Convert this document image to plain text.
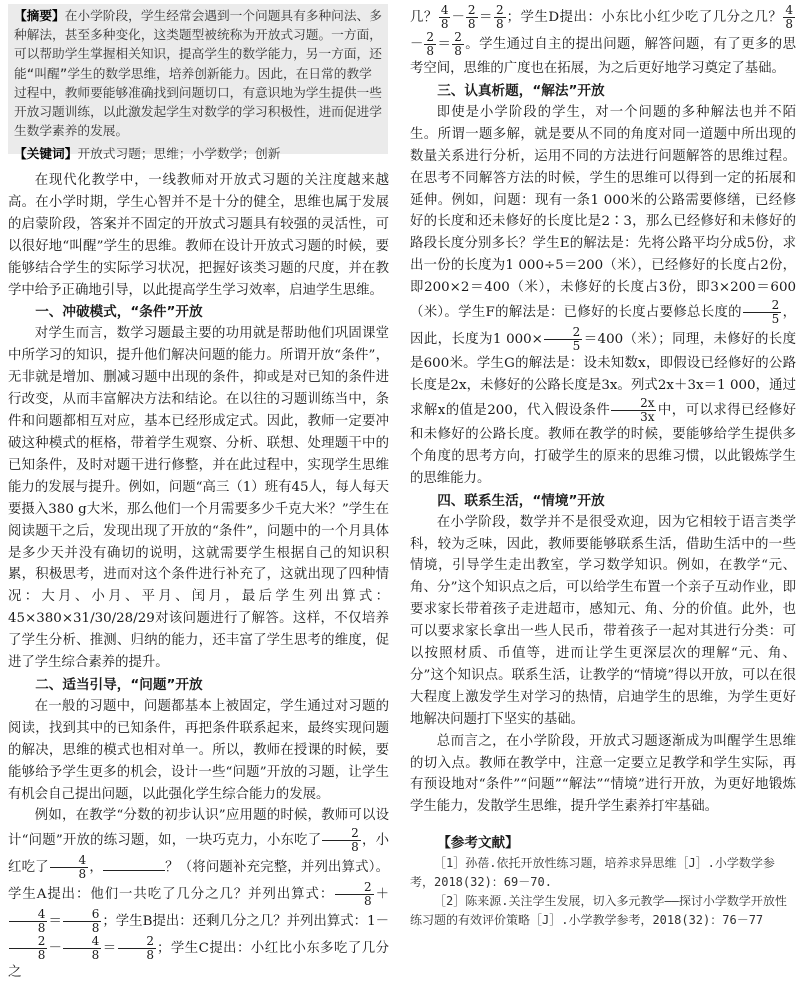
【摘要】在小学阶段，学生经常会遇到一个问题具有多种问法、多种解法，甚至多种变化，这类题型被统称为开放式习题。一方面，可以帮助学生掌握相关知识，提高学生的数学能力，另一方面，还能“叫醒”学生的数学思维，培养创新能力。因此，在日常的教学过程中，教师要能够准确找到问题切口，有意识地为学生提供一些开放习题训练，以此激发起学生对数学的学习积极性，进而促进学生数学素养的发展。

【关键词】开放式习题；思维；小学数学；创新

在现代化教学中，一线教师对开放式习题的关注度越来越高。在小学时期，学生心智并不是十分的健全，思维也属于发展的启蒙阶段，答案并不固定的开放式习题具有较强的灵活性，可以很好地“叫醒”学生的思维。教师在设计开放式习题的时候，要能够结合学生的实际学习状况，把握好该类习题的尺度，并在教学中给予正确地引导，以此提高学生学习效率，启迪学生思维。

一、冲破模式，“条件”开放

对学生而言，数学习题最主要的功用就是帮助他们巩固课堂中所学习的知识，提升他们解决问题的能力。所谓开放“条件”，无非就是增加、删减习题中出现的条件，抑或是对已知的条件进行改变，从而丰富解决方法和结论。在以往的习题训练当中，条件和问题都相互对应，基本已经形成定式。因此，教师一定要冲破这种模式的框格，带着学生观察、分析、联想、处理题干中的已知条件，及时对题干进行修整，并在此过程中，实现学生思维能力的发展与提升。例如，问题“高三（1）班有45人，每人每天要摄入380 g大米，那么他们一个月需要多少千克大米？”学生在阅读题干之后，发现出现了开放的“条件”，问题中的一个月具体是多少天并没有确切的说明，这就需要学生根据自己的知识积累，积极思考，进而对这个条件进行补充了，这就出现了四种情况：大月、小月、平月、闰月，最后学生列出算式：45×380×31/30/28/29对该问题进行了解答。这样，不仅培养了学生分析、推测、归纳的能力，还丰富了学生思考的维度，促进了学生综合素养的提升。

二、适当引导，“问题”开放

在一般的习题中，问题都基本上被固定，学生通过对习题的阅读，找到其中的已知条件，再把条件联系起来，最终实现问题的解决，思维的模式也相对单一。所以，教师在授课的时候，要能够给予学生更多的机会，设计一些“问题”开放的习题，让学生有机会自己提出问题，以此强化学生综合能力的发展。

例如，在教学“分数的初步认识”应用题的时候，教师可以设计“问题”开放的练习题，如，一块巧克力，小东吃了 $\frac{2}{8}$ ，小红吃了 $\frac{4}{8}$ ，	？（将问题补充完整，并列出算式）。学生A提出：他们一共吃了几分之几？并列出算式： $\frac{2}{8}$ ＋
$\frac{4}{8} = \frac{6}{8}$ ；学生B提出：还剩几分之几？并列出算式：1－
$\frac{2}{8} - \frac{4}{8} = \frac{2}{8}$ ；学生C提出：小红比小东多吃了几分之

几？ $\frac{4}{8} - \frac{2}{8} = \frac{2}{8}$ ；学生D提出：小东比小红少吃了几分之几？ $\frac{4}{8}$
－ $\frac{2}{8} = \frac{2}{8}$ 。学生通过自主的提出问题，解答问题，有了更多的思考空间，思维的广度也在拓展，为之后更好地学习奠定了基础。

三、认真析题，“解法”开放

即使是小学阶段的学生，对一个问题的多种解法也并不陌生。所谓一题多解，就是要从不同的角度对同一道题中所出现的数量关系进行分析，运用不同的方法进行问题解答的思维过程。在思考不同解答方法的时候，学生的思维可以得到一定的拓展和延伸。例如，问题：现有一条1 000米的公路需要修缮，已经修好的长度和还未修好的长度比是2∶3，那么已经修好和未修好的路段长度分别多长？学生E的解法是：先将公路平均分成5份，求出一份的长度为1 000÷5＝200（米），已经修好的长度占2份，即200×2＝400（米），未修好的长度占3份，即3×200＝600（米）。学生F的解法是：已修好的长度占要修总长度的 $\frac{2}{5}$ ，因此，长度为1 $000\times \frac{2}{5} =400$（米）；同理，未修好的长度是600米。学生G的解法是：设未知数x，即假设已经修好的公路长度是2x，未修好的公路长度是3x。列式2x＋3x＝1 000，通过求解x的值是200，代入假设条件 $\frac{2x}{3x}$ 中，可以求得已经修好和未修好的公路长度。教师在教学的时候，要能够给学生提供多个角度的思考方向，打破学生的原来的思维习惯，以此锻炼学生的思维能力。

四、联系生活，“情境”开放

在小学阶段，数学并不是很受欢迎，因为它相较于语言类学科，较为乏味，因此，教师要能够联系生活，借助生活中的一些情境，引导学生走出教室，学习数学知识。例如，在教学“元、角、分”这个知识点之后，可以给学生布置一个亲子互动作业，即要求家长带着孩子走进超市，感知元、角、分的价值。此外，也可以要求家长拿出一些人民币，带着孩子一起对其进行分类：可以按照材质、币值等，进而让学生更深层次的理解“元、角、分”这个知识点。联系生活，让教学的“情境”得以开放，可以在很大程度上激发学生对学习的热情，启迪学生的思维，为学生更好地解决问题打下坚实的基础。

总而言之，在小学阶段，开放式习题逐渐成为叫醒学生思维的切入点。教师在教学中，注意一定要立足教学和学生实际，再有预设地对“条件”“问题”“解法”“情境”进行开放，为更好地锻炼学生能力，发散学生思维，提升学生素养打牢基础。

【参考文献】

［1］孙蓓.依托开放性练习题，培养求异思维［J］.小学数学参考，2018(32)：69－70.

［2］陈来源.关注学生发展，切入多元教学——探讨小学数学开放性练习题的有效评价策略［J］.小学教学参考，2018(32)：76－77
